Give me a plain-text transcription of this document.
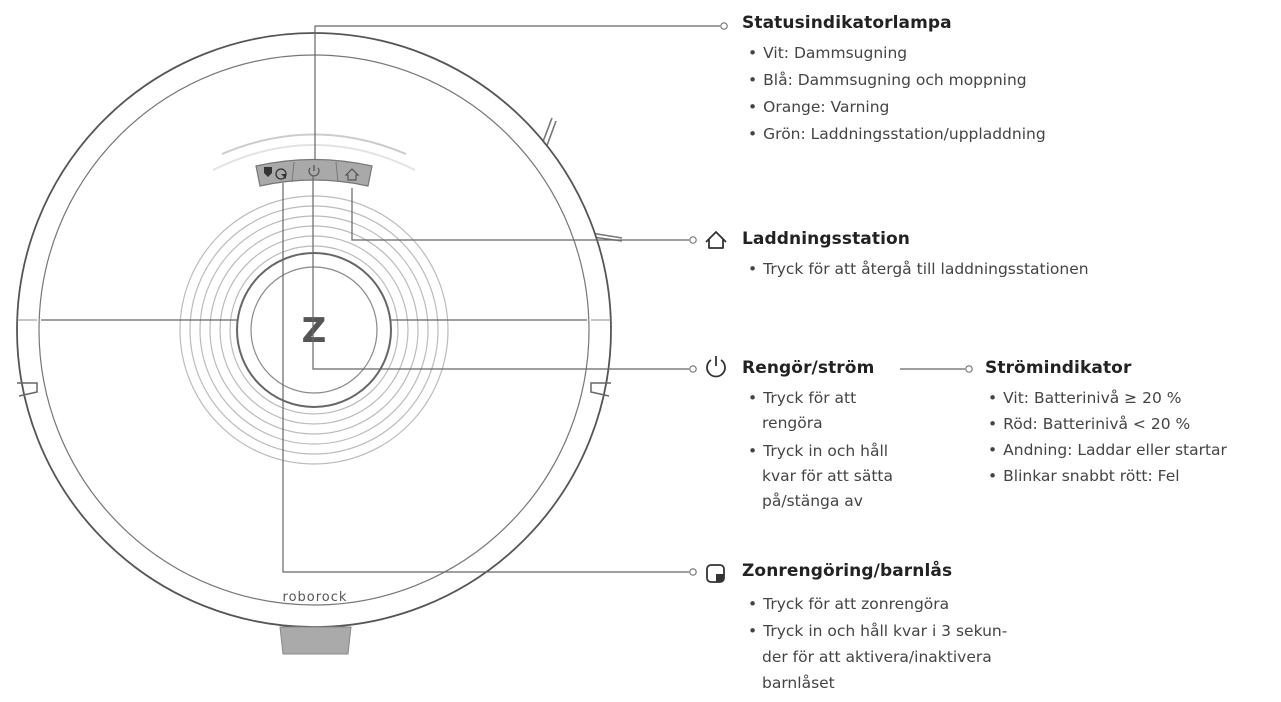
Z
roborock
Statusindikatorlampa
• Vit: Dammsugning
• Blå: Dammsugning och moppning
• Orange: Varning
• Grön: Laddningsstation/uppladdning
Laddningsstation
• Tryck för att återgå till laddningsstationen
Rengör/ström
• Tryck för att
rengöra
• Tryck in och håll
kvar för att sätta
på/stänga av
Strömindikator
• Vit: Batterinivå ≥ 20 %
• Röd: Batterinivå < 20 %
• Andning: Laddar eller startar
• Blinkar snabbt rött: Fel
Zonrengöring/barnlås
• Tryck för att zonrengöra
• Tryck in och håll kvar i 3 sekun-
der för att aktivera/inaktivera
barnlåset
